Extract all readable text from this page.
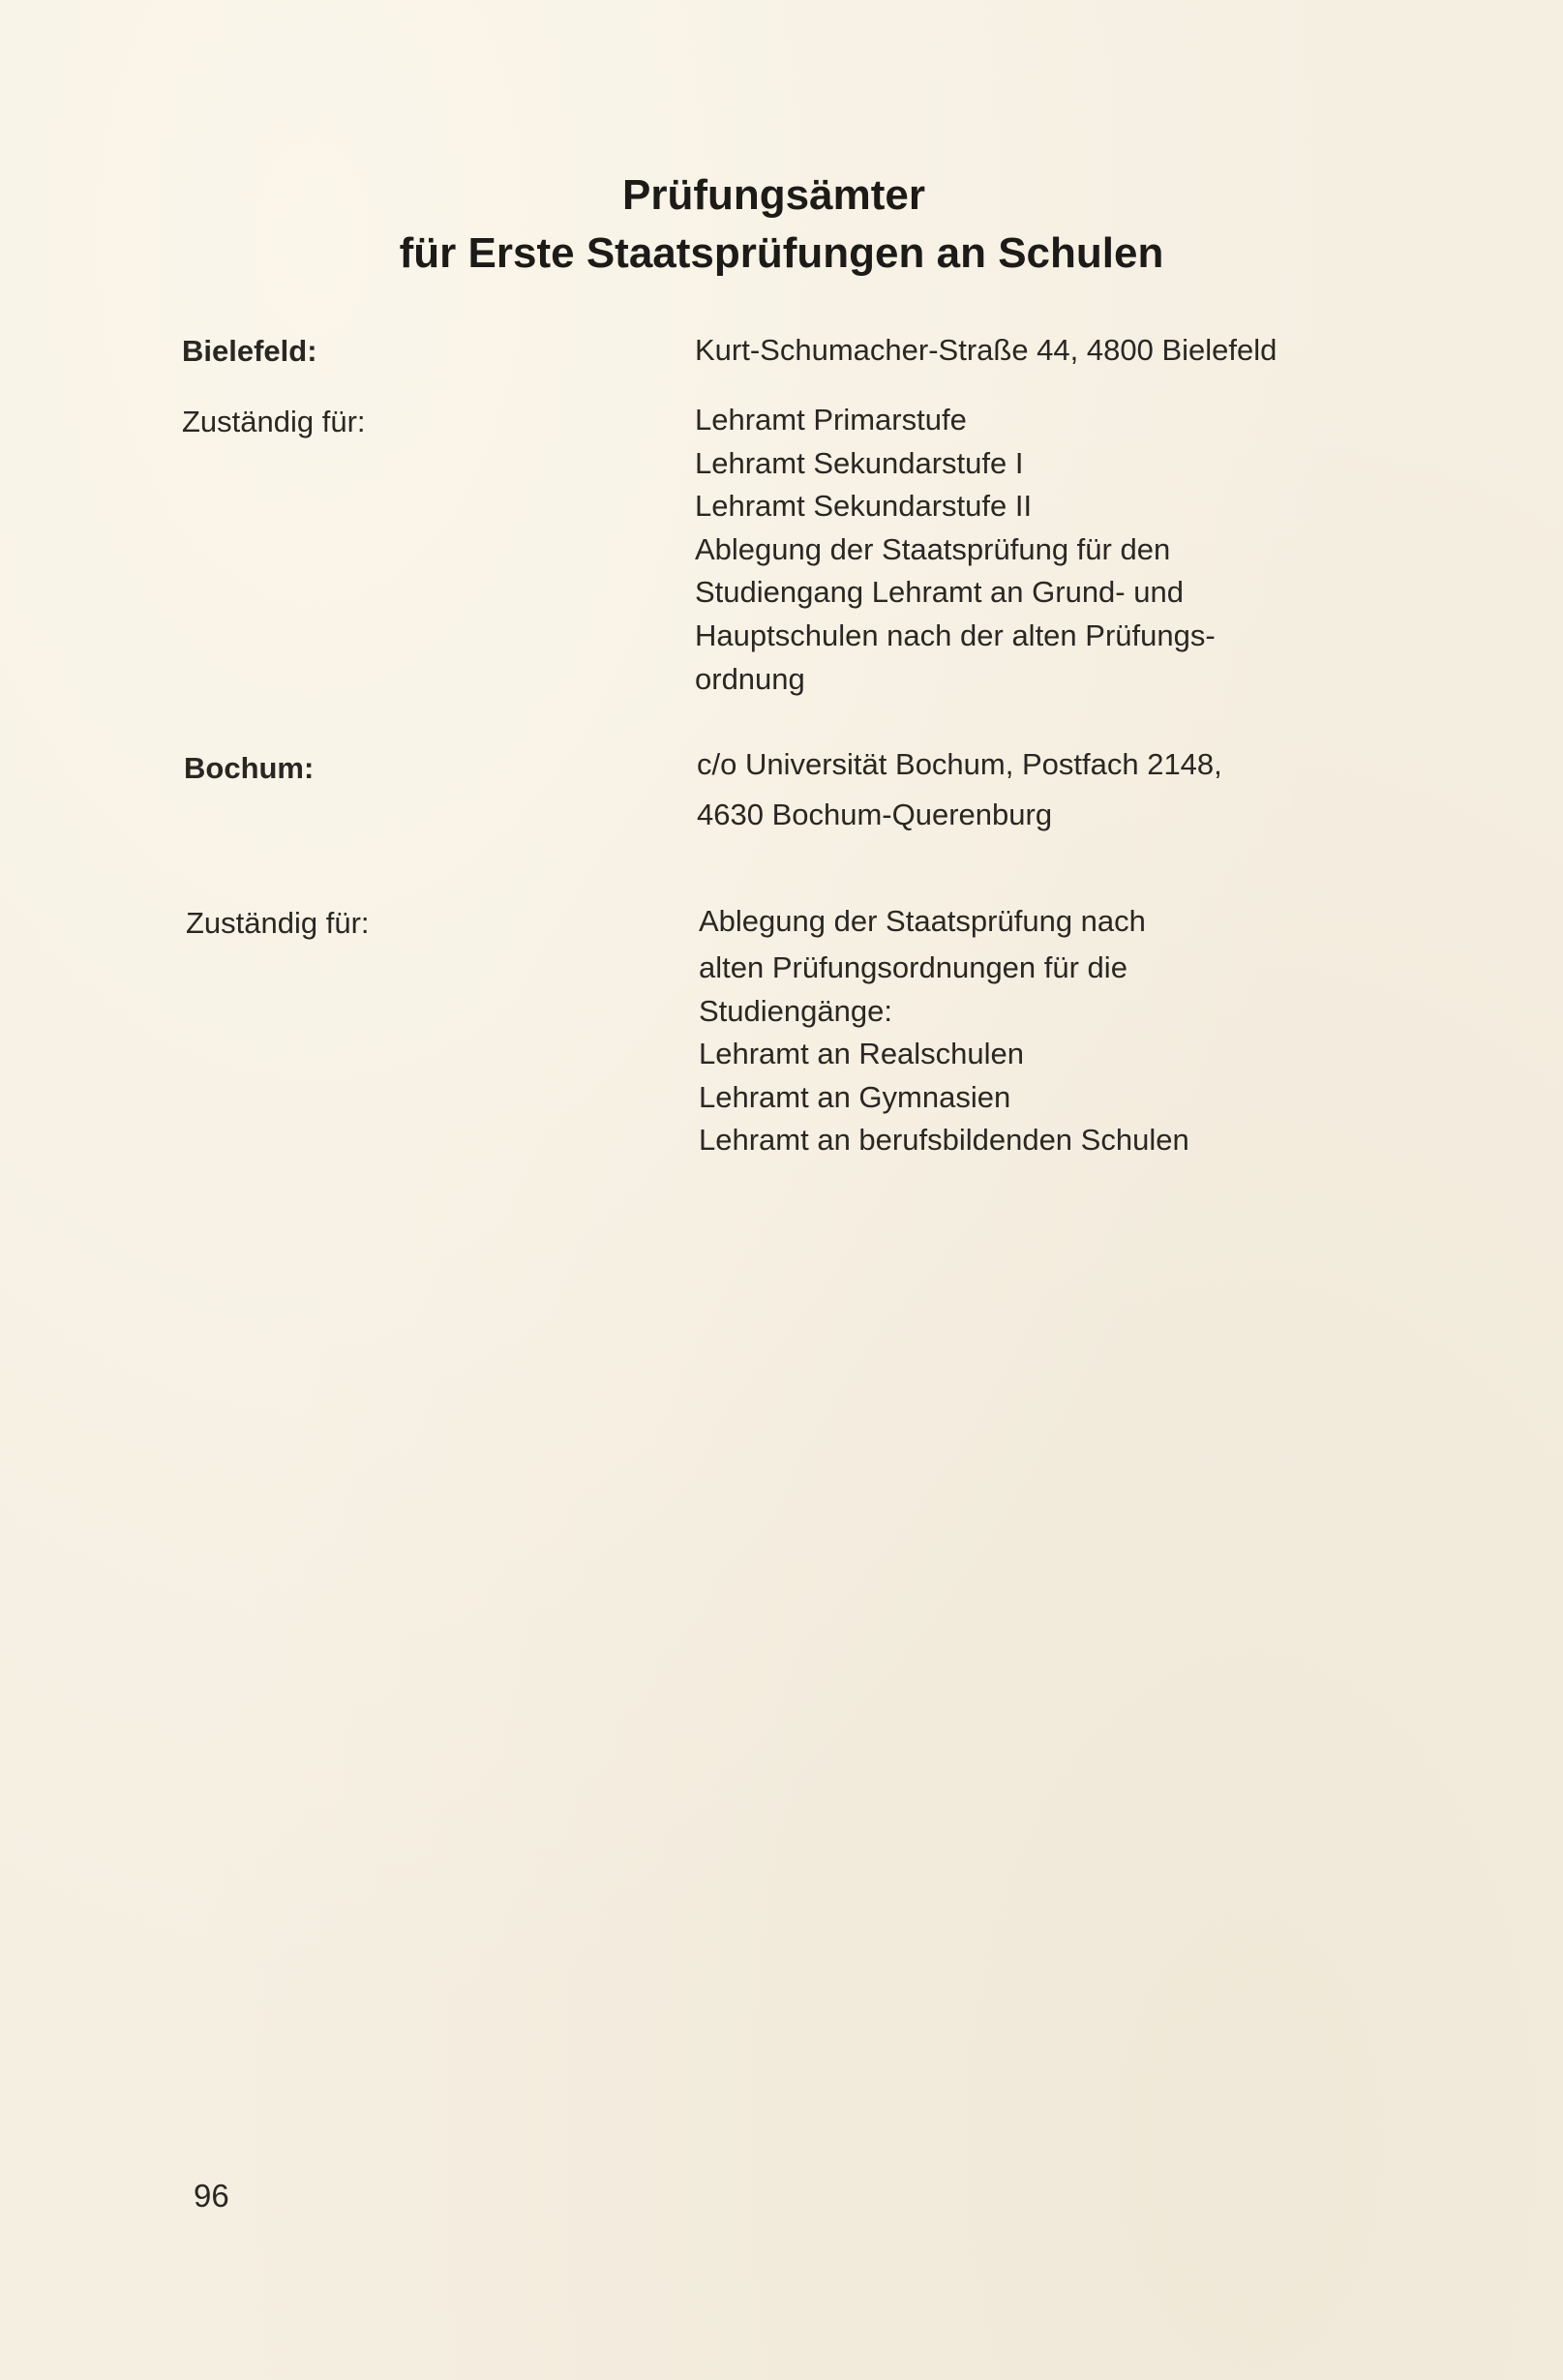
Prüfungsämter
für Erste Staatsprüfungen an Schulen
Bielefeld:	Kurt-Schumacher-Straße 44, 4800 Bielefeld
Zuständig für:	Lehramt Primarstufe
Lehramt Sekundarstufe I
Lehramt Sekundarstufe II
Ablegung der Staatsprüfung für den
Studiengang Lehramt an Grund- und
Hauptschulen nach der alten Prüfungs-
ordnung
Bochum:	c/o Universität Bochum, Postfach 2148,
4630 Bochum-Querenburg
Zuständig für:	Ablegung der Staatsprüfung nach
alten Prüfungsordnungen für die
Studiengänge:
Lehramt an Realschulen
Lehramt an Gymnasien
Lehramt an berufsbildenden Schulen
96
